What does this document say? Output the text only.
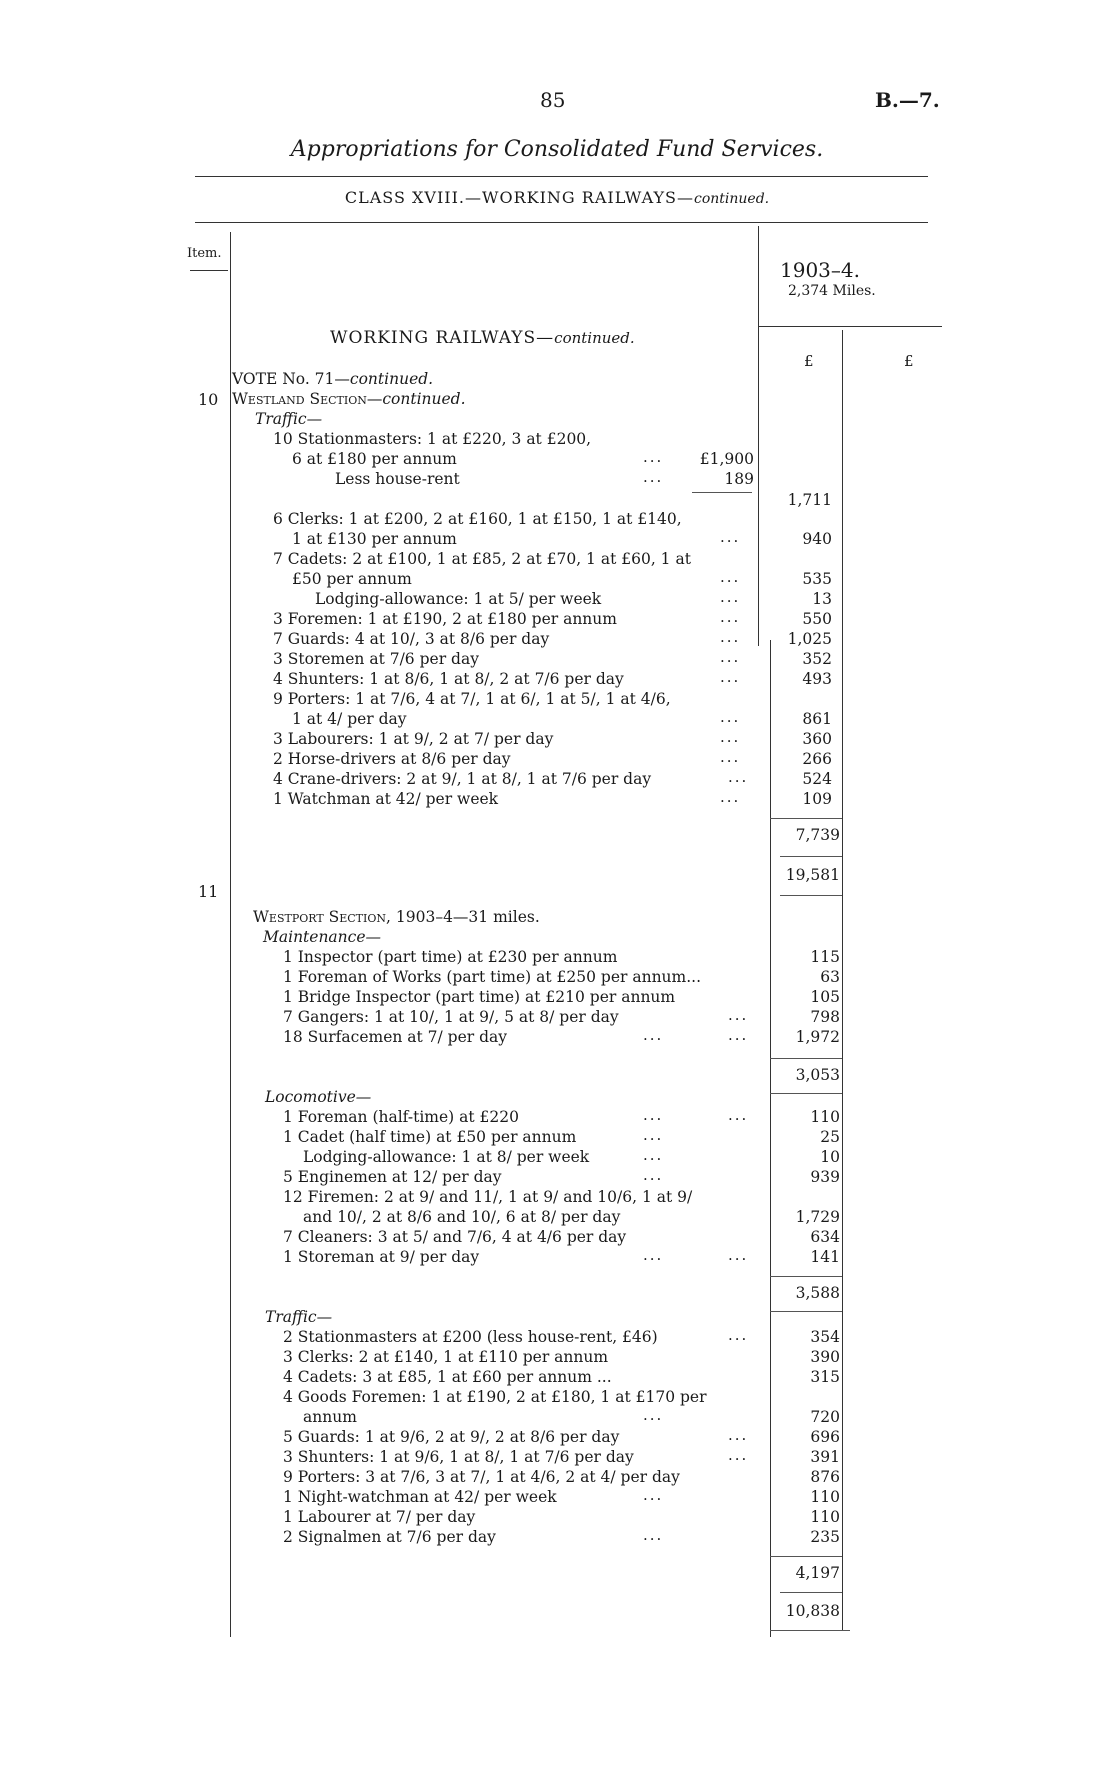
85	B.—7.
Appropriations for Consolidated Fund Services.
CLASS XVIII.—WORKING RAILWAYS—continued.
Item.
1903–4.
2,374 Miles.
£	£
WORKING RAILWAYS—continued.
VOTE No. 71—continued.
10 Westland Section—continued.
Traffic—
10 Stationmasters: 1 at £220, 3 at £200,
6 at £180 per annum	...	£1,900
Less house-rent	...	189
1,711
6 Clerks: 1 at £200, 2 at £160, 1 at £150, 1 at £140,
1 at £130 per annum	...	940
7 Cadets: 2 at £100, 1 at £85, 2 at £70, 1 at £60, 1 at
£50 per annum	...	535
Lodging-allowance: 1 at 5/ per week	...	13
3 Foremen: 1 at £190, 2 at £180 per annum	...	550
7 Guards: 4 at 10/, 3 at 8/6 per day	...	1,025
3 Storemen at 7/6 per day	...	352
4 Shunters: 1 at 8/6, 1 at 8/, 2 at 7/6 per day	...	493
9 Porters: 1 at 7/6, 4 at 7/, 1 at 6/, 1 at 5/, 1 at 4/6,
1 at 4/ per day	...	861
3 Labourers: 1 at 9/, 2 at 7/ per day	...	360
2 Horse-drivers at 8/6 per day	...	266
4 Crane-drivers: 2 at 9/, 1 at 8/, 1 at 7/6 per day	...	524
1 Watchman at 42/ per week	...	109
7,739
19,581
11
Westport Section, 1903–4—31 miles.
Maintenance—
1 Inspector (part time) at £230 per annum	115
1 Foreman of Works (part time) at £250 per annum...	63
1 Bridge Inspector (part time) at £210 per annum	105
7 Gangers: 1 at 10/, 1 at 9/, 5 at 8/ per day	...	798
18 Surfacemen at 7/ per day	...	...	1,972
3,053
Locomotive—
1 Foreman (half-time) at £220	...	...	110
1 Cadet (half time) at £50 per annum	...	25
Lodging-allowance: 1 at 8/ per week	...	10
5 Enginemen at 12/ per day	...	939
12 Firemen: 2 at 9/ and 11/, 1 at 9/ and 10/6, 1 at 9/
and 10/, 2 at 8/6 and 10/, 6 at 8/ per day	1,729
7 Cleaners: 3 at 5/ and 7/6, 4 at 4/6 per day	634
1 Storeman at 9/ per day	...	...	141
3,588
Traffic—
2 Stationmasters at £200 (less house-rent, £46)	...	354
3 Clerks: 2 at £140, 1 at £110 per annum	390
4 Cadets: 3 at £85, 1 at £60 per annum ...	315
4 Goods Foremen: 1 at £190, 2 at £180, 1 at £170 per
annum	...	720
5 Guards: 1 at 9/6, 2 at 9/, 2 at 8/6 per day	...	696
3 Shunters: 1 at 9/6, 1 at 8/, 1 at 7/6 per day	...	391
9 Porters: 3 at 7/6, 3 at 7/, 1 at 4/6, 2 at 4/ per day	876
1 Night-watchman at 42/ per week	...	110
1 Labourer at 7/ per day	110
2 Signalmen at 7/6 per day	...	235
4,197
10,838
